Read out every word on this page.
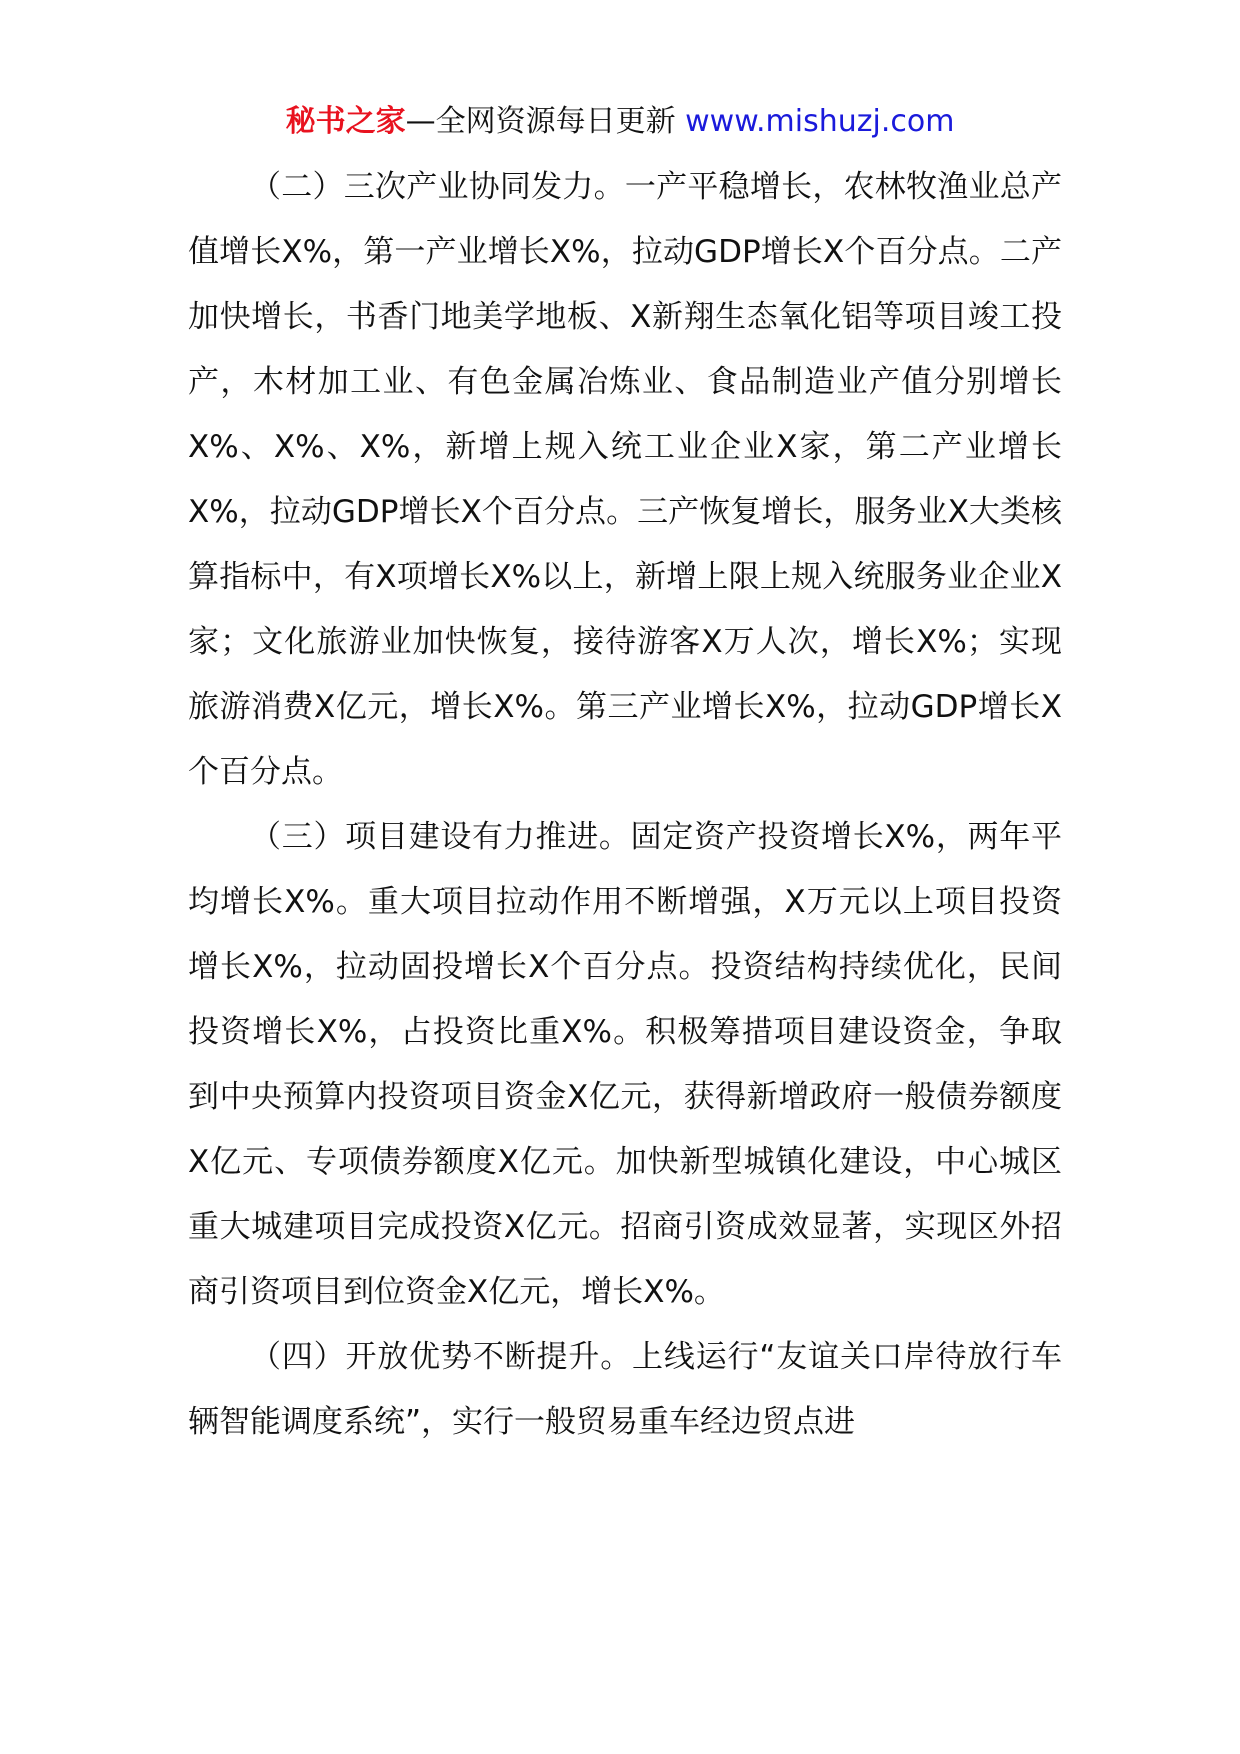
秘书之家—全网资源每日更新 www.mishuzj.com

（二）三次产业协同发力。一产平稳增长，农林牧渔业总产值增长X%，第一产业增长X%，拉动GDP增长X个百分点。二产加快增长，书香门地美学地板、X新翔生态氧化铝等项目竣工投产，木材加工业、有色金属冶炼业、食品制造业产值分别增长X%、X%、X%，新增上规入统工业企业X家，第二产业增长X%，拉动GDP增长X个百分点。三产恢复增长，服务业X大类核算指标中，有X项增长X%以上，新增上限上规入统服务业企业X家；文化旅游业加快恢复，接待游客X万人次，增长X%；实现旅游消费X亿元，增长X%。第三产业增长X%，拉动GDP增长X个百分点。

（三）项目建设有力推进。固定资产投资增长X%，两年平均增长X%。重大项目拉动作用不断增强，X万元以上项目投资增长X%，拉动固投增长X个百分点。投资结构持续优化，民间投资增长X%，占投资比重X%。积极筹措项目建设资金，争取到中央预算内投资项目资金X亿元，获得新增政府一般债券额度X亿元、专项债券额度X亿元。加快新型城镇化建设，中心城区重大城建项目完成投资X亿元。招商引资成效显著，实现区外招商引资项目到位资金X亿元，增长X%。

（四）开放优势不断提升。上线运行“友谊关口岸待放行车辆智能调度系统”，实行一般贸易重车经边贸点进
